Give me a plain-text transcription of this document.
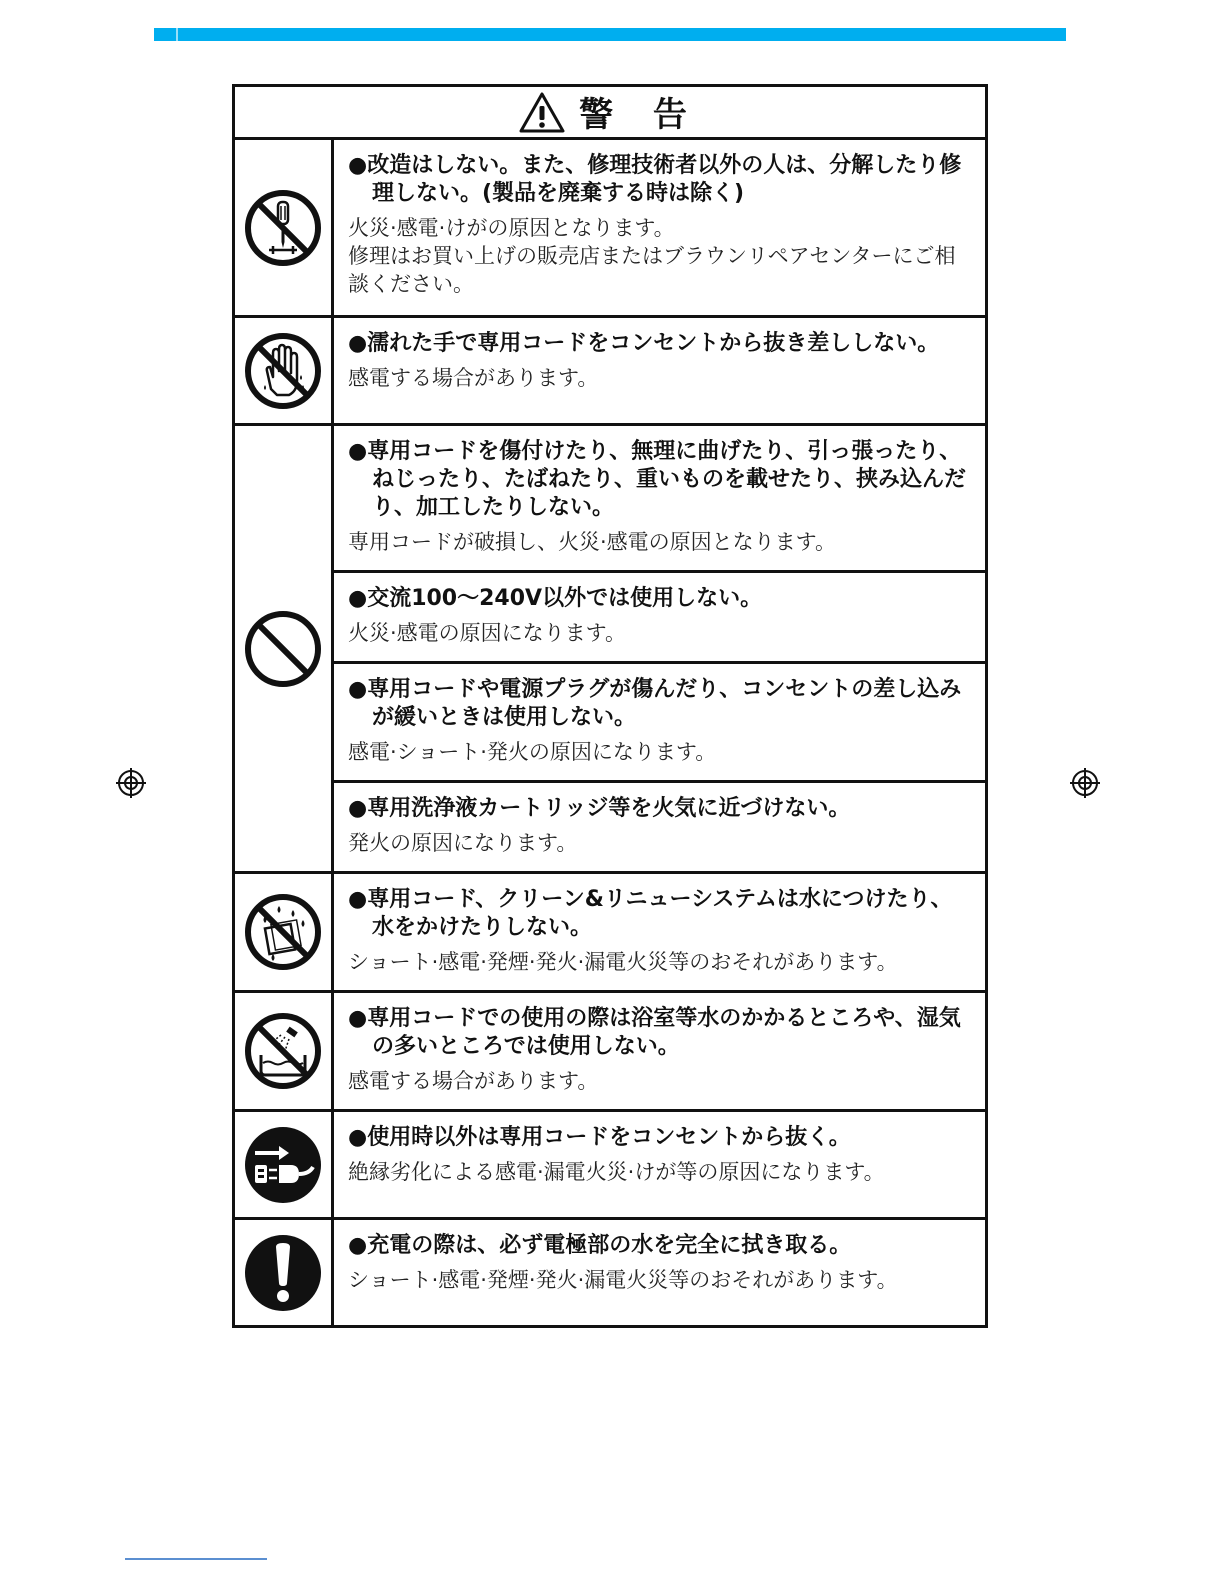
警 告	

●改造はしない。また、修理技術者以外の人は、分解したり修理しない。(製品を廃棄する時は除く)

火災·感電·けがの原因となります。
修理はお買い上げの販売店またはブラウンリペアセンターにご相談ください。

●濡れた手で専用コードをコンセントから抜き差ししない。

感電する場合があります。

●専用コードを傷付けたり、無理に曲げたり、引っ張ったり、ねじったり、たばねたり、重いものを載せたり、挟み込んだり、加工したりしない。

専用コードが破損し、火災·感電の原因となります。

	●交流100〜240V以外では使用しない。

火災·感電の原因になります。

	●専用コードや電源プラグが傷んだり、コンセントの差し込みが緩いときは使用しない。

感電·ショート·発火の原因になります。

	●専用洗浄液カートリッジ等を火気に近づけない。

発火の原因になります。

●専用コード、クリーン&リニューシステムは水につけたり、水をかけたりしない。

ショート·感電·発煙·発火·漏電火災等のおそれがあります。

●専用コードでの使用の際は浴室等水のかかるところや、湿気の多いところでは使用しない。

感電する場合があります。

●使用時以外は専用コードをコンセントから抜く。

絶縁劣化による感電·漏電火災·けが等の原因になります。

●充電の際は、必ず電極部の水を完全に拭き取る。

ショート·感電·発煙·発火·漏電火災等のおそれがあります。
